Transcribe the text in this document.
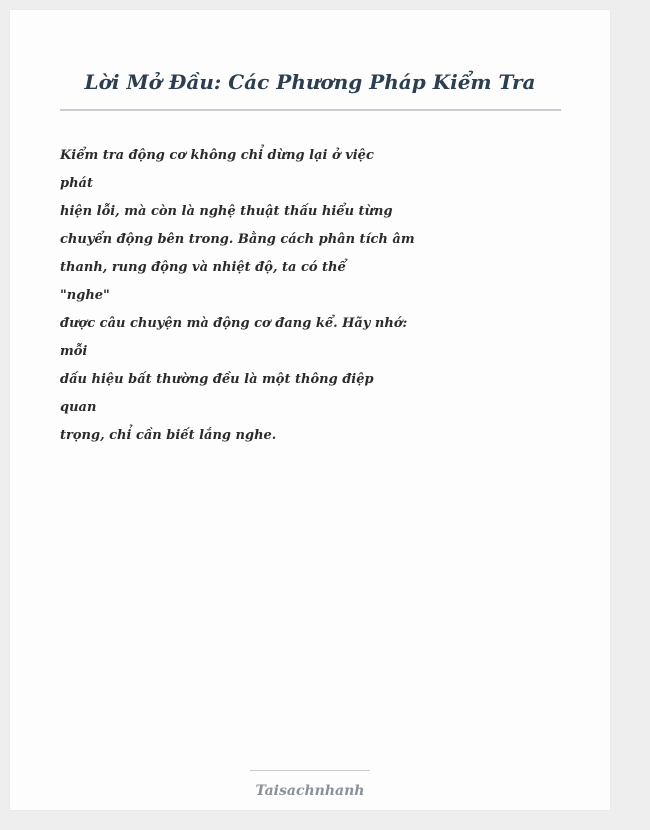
Lời Mở Đầu: Các Phương Pháp Kiểm Tra
Kiểm tra động cơ không chỉ dừng lại ở việc
phát
hiện lỗi, mà còn là nghệ thuật thấu hiểu từng
chuyển động bên trong. Bằng cách phân tích âm
thanh, rung động và nhiệt độ, ta có thể
"nghe"
được câu chuyện mà động cơ đang kể. Hãy nhớ:
mỗi
dấu hiệu bất thường đều là một thông điệp
quan
trọng, chỉ cần biết lắng nghe.
Taisachnhanh
